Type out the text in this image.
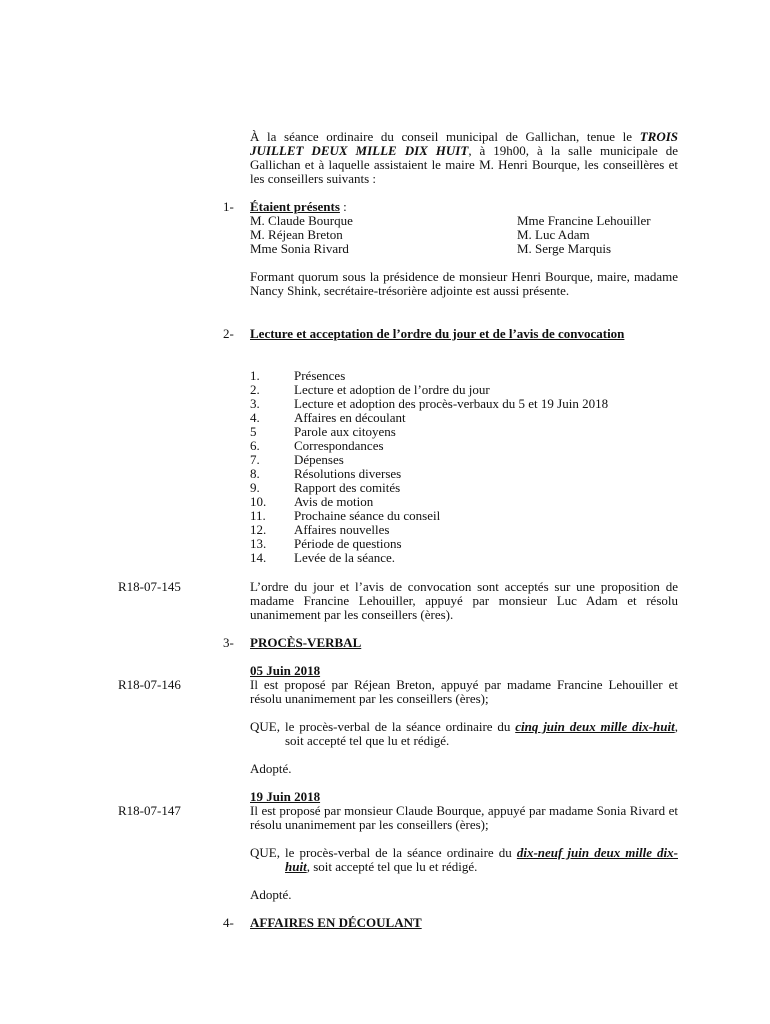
À la séance ordinaire du conseil municipal de Gallichan, tenue le TROIS JUILLET DEUX MILLE DIX HUIT, à 19h00, à la salle municipale de Gallichan et à laquelle assistaient le maire M. Henri Bourque, les conseillères et les conseillers suivants :
1- Étaient présents :
M. Claude Bourque	Mme Francine Lehouiller
M. Réjean Breton	M. Luc Adam
Mme Sonia Rivard	M. Serge Marquis
Formant quorum sous la présidence de monsieur Henri Bourque, maire, madame Nancy Shink, secrétaire-trésorière adjointe est aussi présente.
2- Lecture et acceptation de l’ordre du jour et de l’avis de convocation
1.	Présences
2.	Lecture et adoption de l’ordre du jour
3.	Lecture et adoption des procès-verbaux du 5 et 19 Juin 2018
4.	Affaires en découlant
5	Parole aux citoyens
6.	Correspondances
7.	Dépenses
8.	Résolutions diverses
9.	Rapport des comités
10.	Avis de motion
11.	Prochaine séance du conseil
12.	Affaires nouvelles
13.	Période de questions
14.	Levée de la séance.
R18-07-145	L’ordre du jour et l’avis de convocation sont acceptés sur une proposition de madame Francine Lehouiller, appuyé par monsieur Luc Adam et résolu unanimement par les conseillers (ères).
3- PROCÈS-VERBAL
05 Juin 2018
R18-07-146	Il est proposé par Réjean Breton, appuyé par madame Francine Lehouiller et résolu unanimement par les conseillers (ères);
QUE, le procès-verbal de la séance ordinaire du cinq juin deux mille dix-huit, soit accepté tel que lu et rédigé.
Adopté.
19 Juin 2018
R18-07-147	Il est proposé par monsieur Claude Bourque, appuyé par madame Sonia Rivard et résolu unanimement par les conseillers (ères);
QUE, le procès-verbal de la séance ordinaire du dix-neuf juin deux mille dix-huit, soit accepté tel que lu et rédigé.
Adopté.
4- AFFAIRES EN DÉCOULANT
